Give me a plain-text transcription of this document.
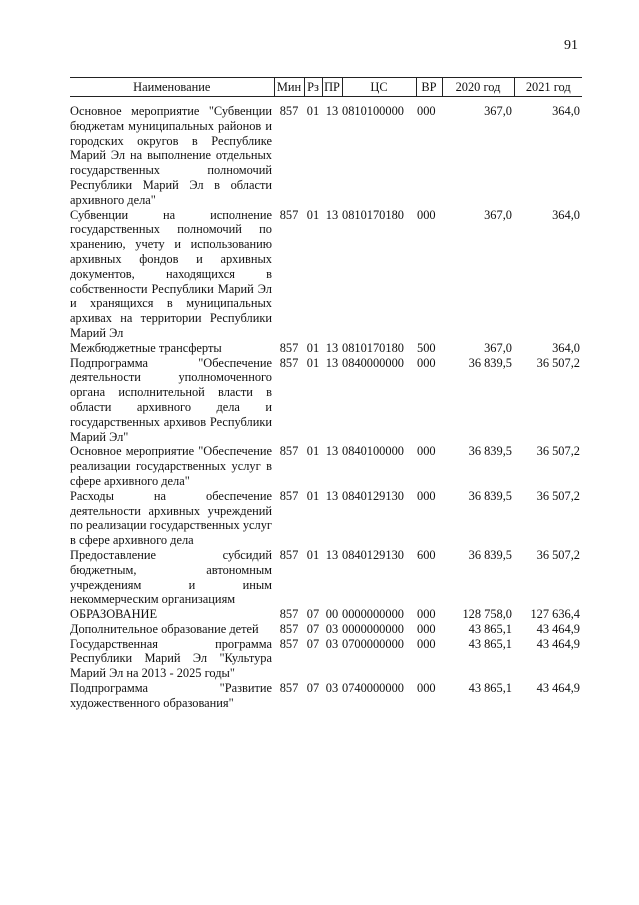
91
Наименование	Мин	Рз	ПР	ЦС	ВР	2020 год	2021 год
Основное мероприятие "Субвенции бюджетам муниципальных районов и городских округов в Республике Марий Эл на выполнение отдельных государственных полномочий Республики Марий Эл в области архивного дела"	857	01	13	0810100000	000	367,0	364,0
Субвенции на исполнение государственных полномочий по хранению, учету и использованию архивных фондов и архивных документов, находящихся в собственности Республики Марий Эл и хранящихся в муниципальных архивах на территории Республики Марий Эл	857	01	13	0810170180	000	367,0	364,0
Межбюджетные трансферты	857	01	13	0810170180	500	367,0	364,0
Подпрограмма "Обеспечение деятельности уполномоченного органа исполнительной власти в области архивного дела и государственных архивов Республики Марий Эл"	857	01	13	0840000000	000	36 839,5	36 507,2
Основное мероприятие "Обеспечение реализации государственных услуг в сфере архивного дела"	857	01	13	0840100000	000	36 839,5	36 507,2
Расходы на обеспечение деятельности архивных учреждений по реализации государственных услуг в сфере архивного дела	857	01	13	0840129130	000	36 839,5	36 507,2
Предоставление субсидий бюджетным, автономным учреждениям и иным некоммерческим организациям	857	01	13	0840129130	600	36 839,5	36 507,2
ОБРАЗОВАНИЕ	857	07	00	0000000000	000	128 758,0	127 636,4
Дополнительное образование детей	857	07	03	0000000000	000	43 865,1	43 464,9
Государственная программа Республики Марий Эл "Культура Марий Эл на 2013 - 2025 годы"	857	07	03	0700000000	000	43 865,1	43 464,9
Подпрограмма "Развитие художественного образования"	857	07	03	0740000000	000	43 865,1	43 464,9
